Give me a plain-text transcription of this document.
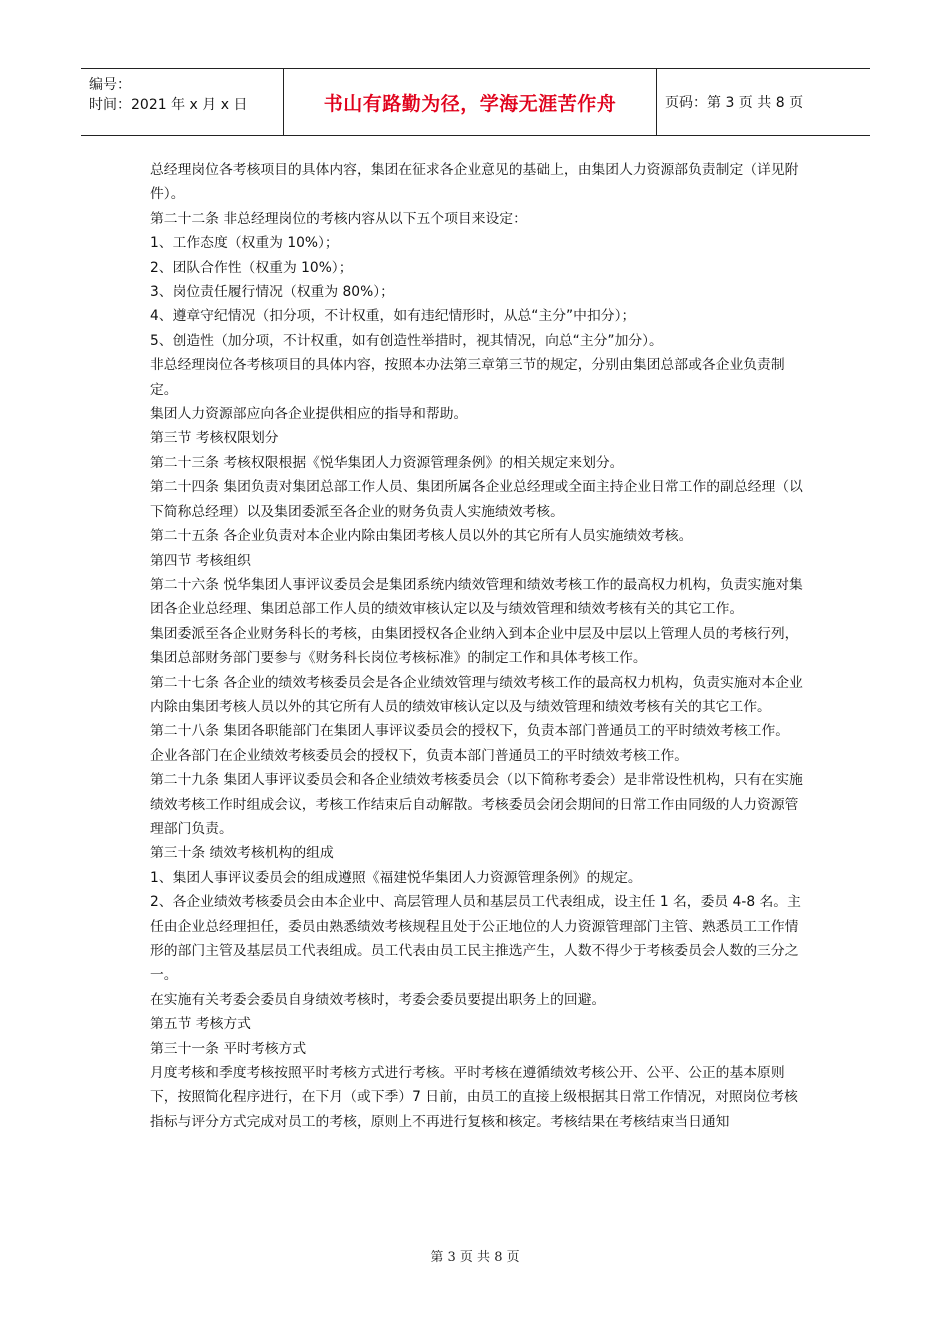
编号：
时间：2021 年 x 月 x 日	书山有路勤为径，学海无涯苦作舟	页码：第 3 页 共 8 页

总经理岗位各考核项目的具体内容，集团在征求各企业意见的基础上，由集团人力资源部负责制定（详见附件）。

第二十二条 非总经理岗位的考核内容从以下五个项目来设定：

1、工作态度（权重为 10%）；

2、团队合作性（权重为 10%）；

3、岗位责任履行情况（权重为 80%）；

4、遵章守纪情况（扣分项，不计权重，如有违纪情形时，从总“主分”中扣分）；

5、创造性（加分项，不计权重，如有创造性举措时，视其情况，向总“主分”加分）。

非总经理岗位各考核项目的具体内容，按照本办法第三章第三节的规定，分别由集团总部或各企业负责制定。

集团人力资源部应向各企业提供相应的指导和帮助。

第三节 考核权限划分

第二十三条 考核权限根据《悦华集团人力资源管理条例》的相关规定来划分。

第二十四条 集团负责对集团总部工作人员、集团所属各企业总经理或全面主持企业日常工作的副总经理（以下简称总经理）以及集团委派至各企业的财务负责人实施绩效考核。

第二十五条 各企业负责对本企业内除由集团考核人员以外的其它所有人员实施绩效考核。

第四节 考核组织

第二十六条 悦华集团人事评议委员会是集团系统内绩效管理和绩效考核工作的最高权力机构，负责实施对集团各企业总经理、集团总部工作人员的绩效审核认定以及与绩效管理和绩效考核有关的其它工作。

集团委派至各企业财务科长的考核，由集团授权各企业纳入到本企业中层及中层以上管理人员的考核行列，集团总部财务部门要参与《财务科长岗位考核标准》的制定工作和具体考核工作。

第二十七条 各企业的绩效考核委员会是各企业绩效管理与绩效考核工作的最高权力机构，负责实施对本企业内除由集团考核人员以外的其它所有人员的绩效审核认定以及与绩效管理和绩效考核有关的其它工作。

第二十八条 集团各职能部门在集团人事评议委员会的授权下，负责本部门普通员工的平时绩效考核工作。

企业各部门在企业绩效考核委员会的授权下，负责本部门普通员工的平时绩效考核工作。

第二十九条 集团人事评议委员会和各企业绩效考核委员会（以下简称考委会）是非常设性机构，只有在实施绩效考核工作时组成会议，考核工作结束后自动解散。考核委员会闭会期间的日常工作由同级的人力资源管理部门负责。

第三十条 绩效考核机构的组成

1、集团人事评议委员会的组成遵照《福建悦华集团人力资源管理条例》的规定。

2、各企业绩效考核委员会由本企业中、高层管理人员和基层员工代表组成，设主任 1 名，委员 4-8 名。主任由企业总经理担任，委员由熟悉绩效考核规程且处于公正地位的人力资源管理部门主管、熟悉员工工作情形的部门主管及基层员工代表组成。员工代表由员工民主推选产生，人数不得少于考核委员会人数的三分之一。

在实施有关考委会委员自身绩效考核时，考委会委员要提出职务上的回避。

第五节 考核方式

第三十一条 平时考核方式

月度考核和季度考核按照平时考核方式进行考核。平时考核在遵循绩效考核公开、公平、公正的基本原则下，按照简化程序进行，在下月（或下季）7 日前，由员工的直接上级根据其日常工作情况，对照岗位考核指标与评分方式完成对员工的考核，原则上不再进行复核和核定。考核结果在考核结束当日通知

第 3 页 共 8 页
